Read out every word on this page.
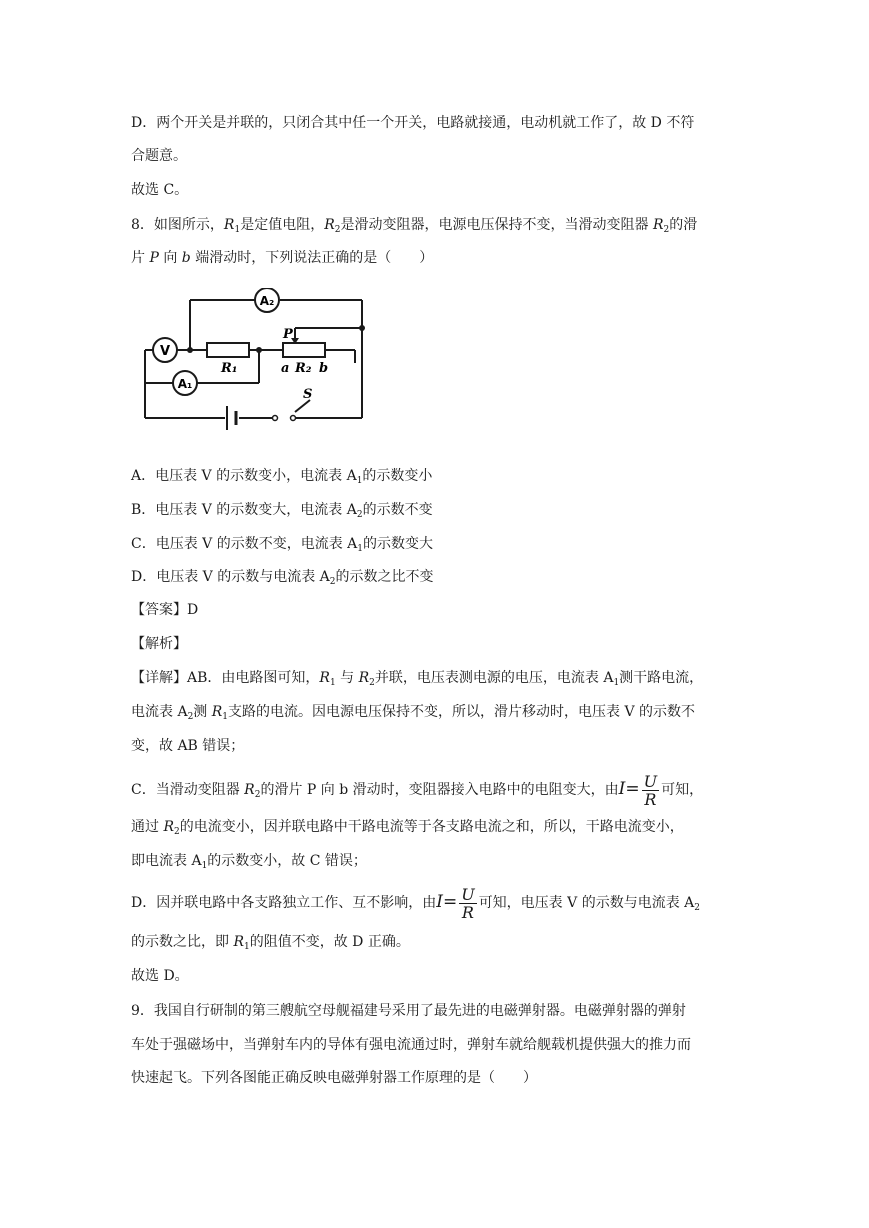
D．两个开关是并联的，只闭合其中任一个开关，电路就接通，电动机就工作了，故 D 不符
合题意。
故选 C。
8．如图所示，$R_1$是定值电阻，$R_2$是滑动变阻器，电源电压保持不变，当滑动变阻器 $R_2$的滑
片 P 向 b 端滑动时，下列说法正确的是（　　）
A₂
V
A₁
R₁
P
a R₂ b
S
A．电压表 V 的示数变小，电流表 $A_1$的示数变小
B．电压表 V 的示数变大，电流表 $A_2$的示数不变
C．电压表 V 的示数不变，电流表 $A_1$的示数变大
D．电压表 V 的示数与电流表 $A_2$的示数之比不变
【答案】D
【解析】
【详解】AB．由电路图可知，$R_1$ 与 $R_2$并联，电压表测电源的电压，电流表 $A_1$测干路电流，
电流表 $A_2$测 $R_1$支路的电流。因电源电压保持不变，所以，滑片移动时，电压表 V 的示数不
变，故 AB 错误；
C．当滑动变阻器 $R_2$的滑片 P 向 b 滑动时，变阻器接入电路中的电阻变大，由$I= \frac{U}{R}$ 可知，
通过 $R_2$的电流变小，因并联电路中干路电流等于各支路电流之和，所以，干路电流变小，
即电流表 $A_1$的示数变小，故 C 错误；
D．因并联电路中各支路独立工作、互不影响，由$I= \frac{U}{R}$ 可知，电压表 V 的示数与电流表 $A_2$
的示数之比，即 $R_1$的阻值不变，故 D 正确。
故选 D。
9．我国自行研制的第三艘航空母舰福建号采用了最先进的电磁弹射器。电磁弹射器的弹射
车处于强磁场中，当弹射车内的导体有强电流通过时，弹射车就给舰载机提供强大的推力而
快速起飞。下列各图能正确反映电磁弹射器工作原理的是（　　）
